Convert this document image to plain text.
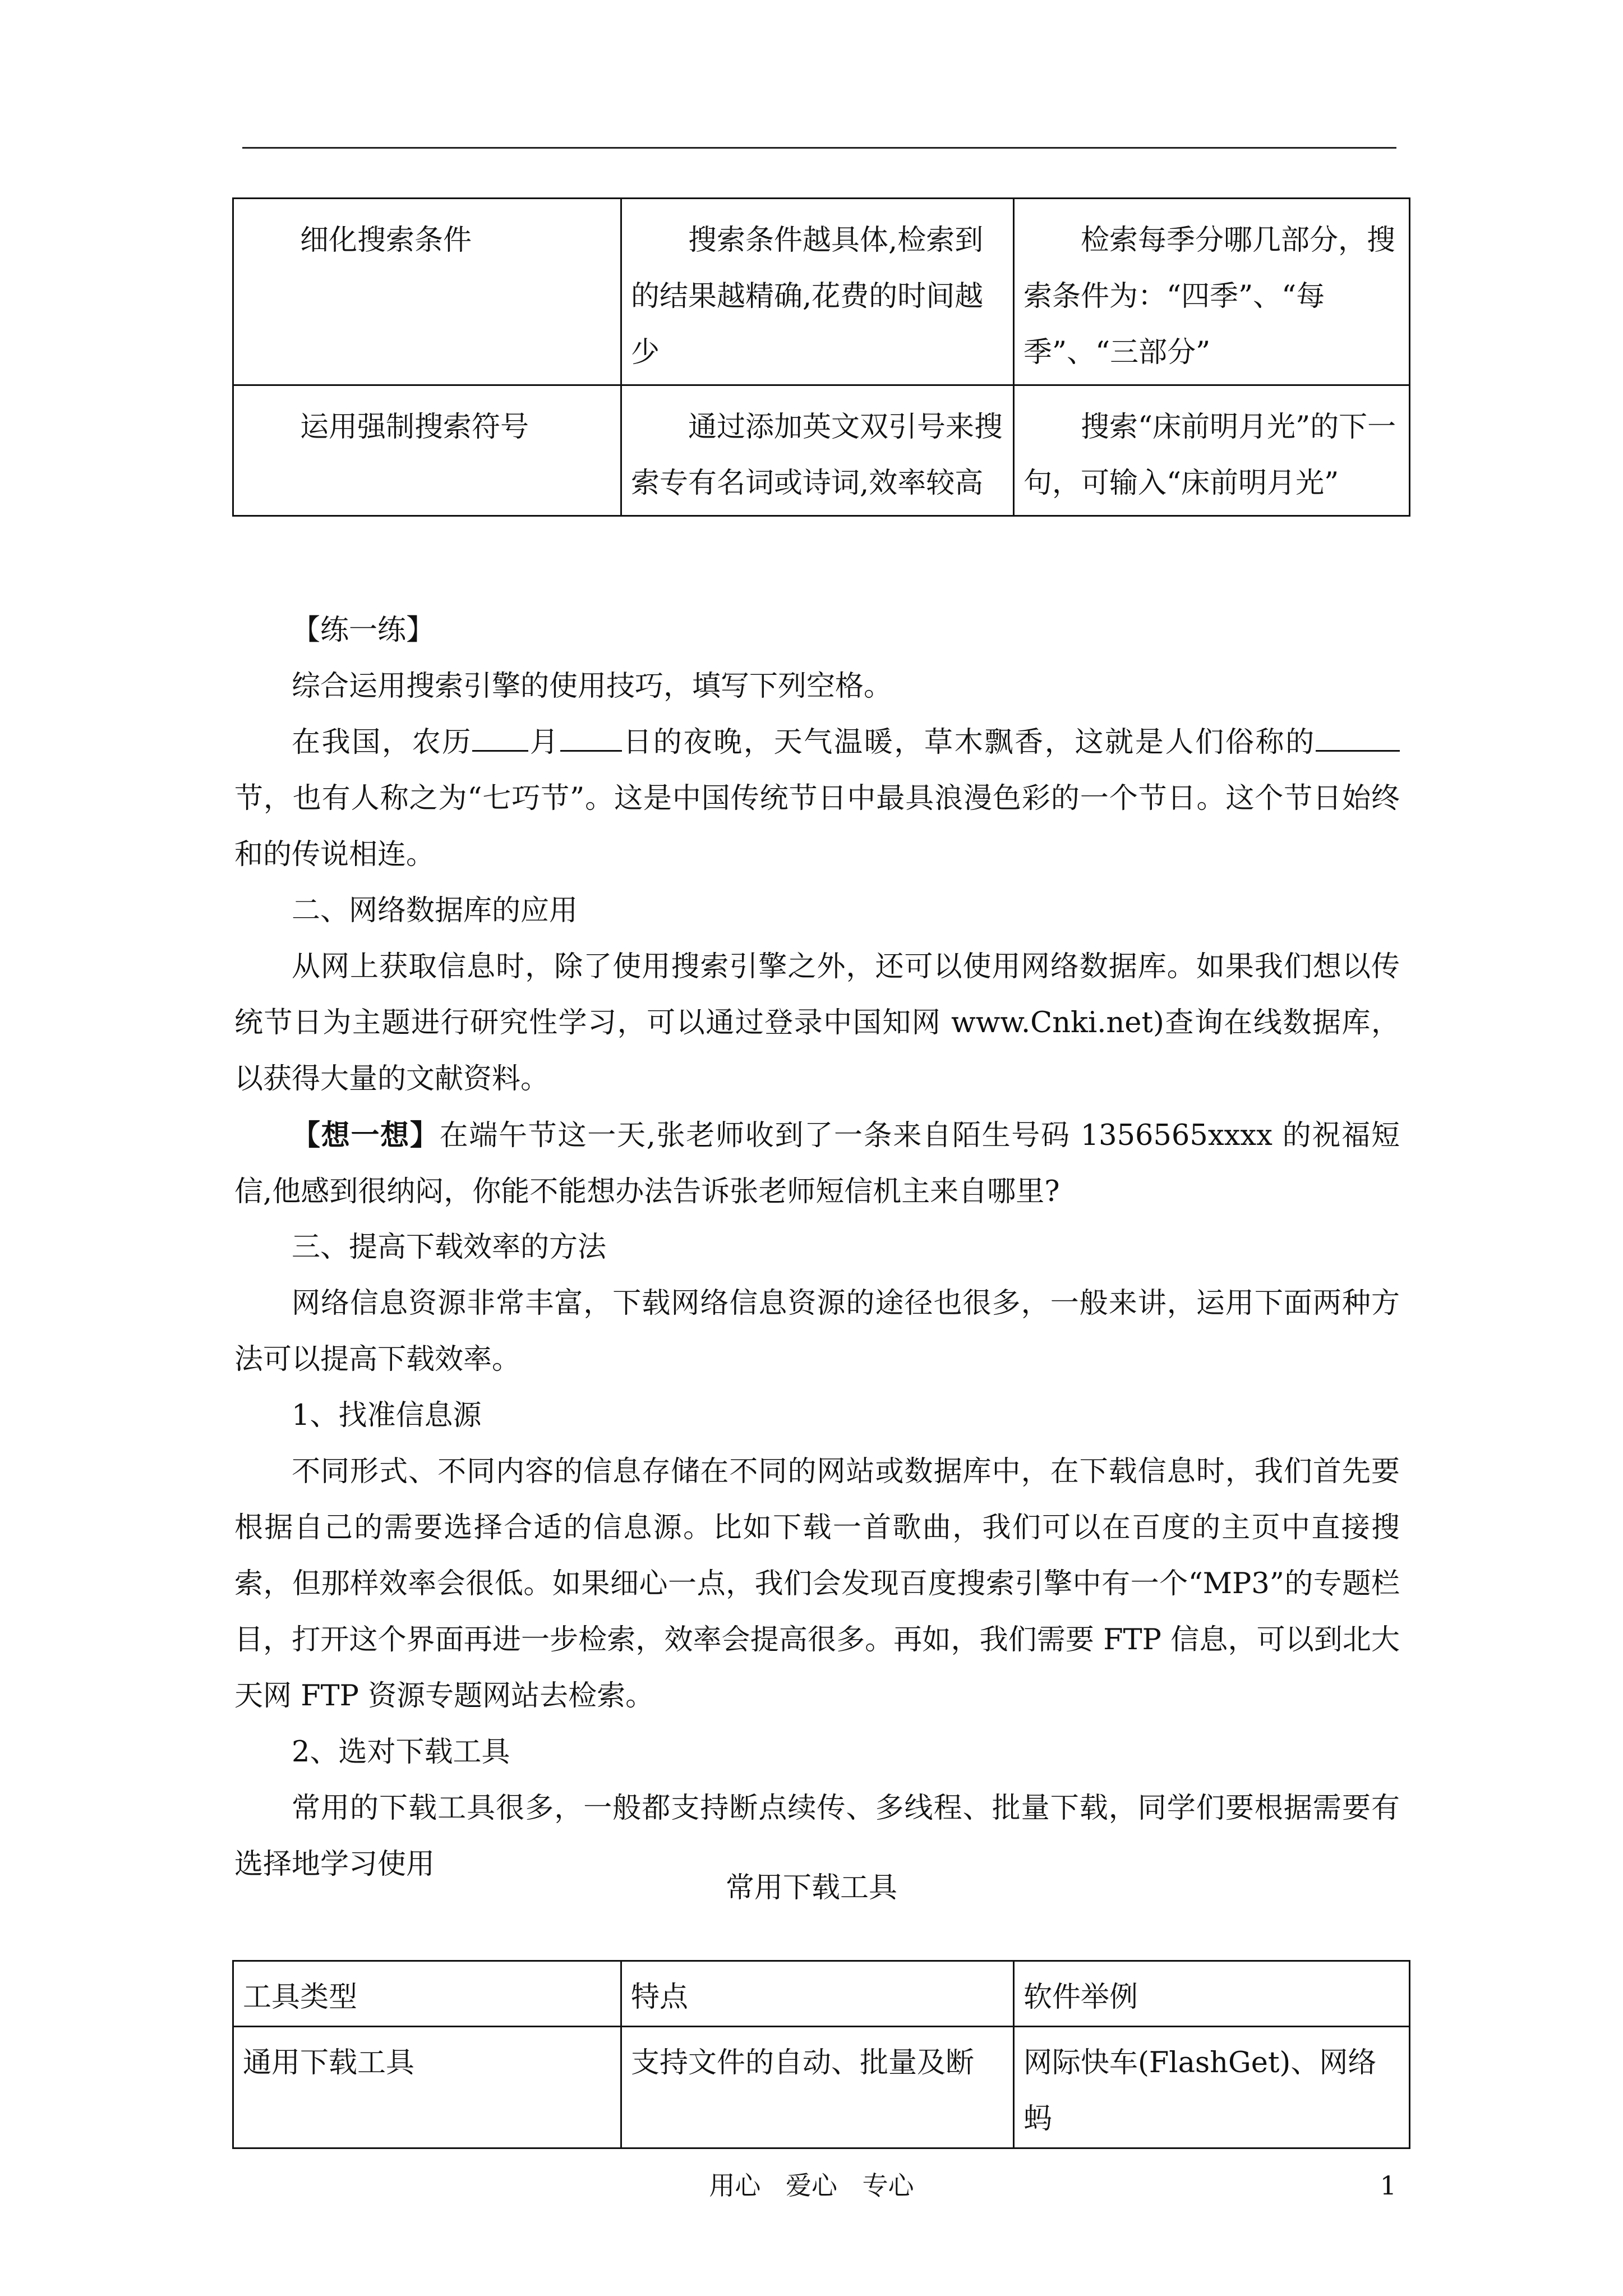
细化搜索条件	搜索条件越具体,检索到的结果越精确,花费的时间越少	检索每季分哪几部分，搜索条件为：“四季”、“每季”、“三部分”
运用强制搜索符号	通过添加英文双引号来搜索专有名词或诗词,效率较高	搜索“床前明月光”的下一句，可输入“床前明月光”

【练一练】

综合运用搜索引擎的使用技巧，填写下列空格。

在我国，农历 月 日的夜晚，天气温暖，草木飘香，这就是人们俗称的节，也有人称之为“七巧节”。这是中国传统节日中最具浪漫色彩的一个节日。这个节日始终和的传说相连。

二、网络数据库的应用

从网上获取信息时，除了使用搜索引擎之外，还可以使用网络数据库。如果我们想以传统节日为主题进行研究性学习，可以通过登录中国知网 www.Cnki.net)查询在线数据库，以获得大量的文献资料。

【想一想】在端午节这一天,张老师收到了一条来自陌生号码 1356565xxxx 的祝福短信,他感到很纳闷，你能不能想办法告诉张老师短信机主来自哪里?

三、提高下载效率的方法

网络信息资源非常丰富，下载网络信息资源的途径也很多，一般来讲，运用下面两种方法可以提高下载效率。

1、找准信息源

不同形式、不同内容的信息存储在不同的网站或数据库中，在下载信息时，我们首先要根据自己的需要选择合适的信息源。比如下载一首歌曲，我们可以在百度的主页中直接搜索，但那样效率会很低。如果细心一点，我们会发现百度搜索引擎中有一个“MP3”的专题栏目，打开这个界面再进一步检索，效率会提高很多。再如，我们需要 FTP 信息，可以到北大天网 FTP 资源专题网站去检索。

2、选对下载工具

常用的下载工具很多，一般都支持断点续传、多线程、批量下载，同学们要根据需要有选择地学习使用

常用下载工具

工具类型	特点	软件举例
通用下载工具	支持文件的自动、批量及断	网际快车(FlashGet)、网络蚂
用心 爱心 专心	1
